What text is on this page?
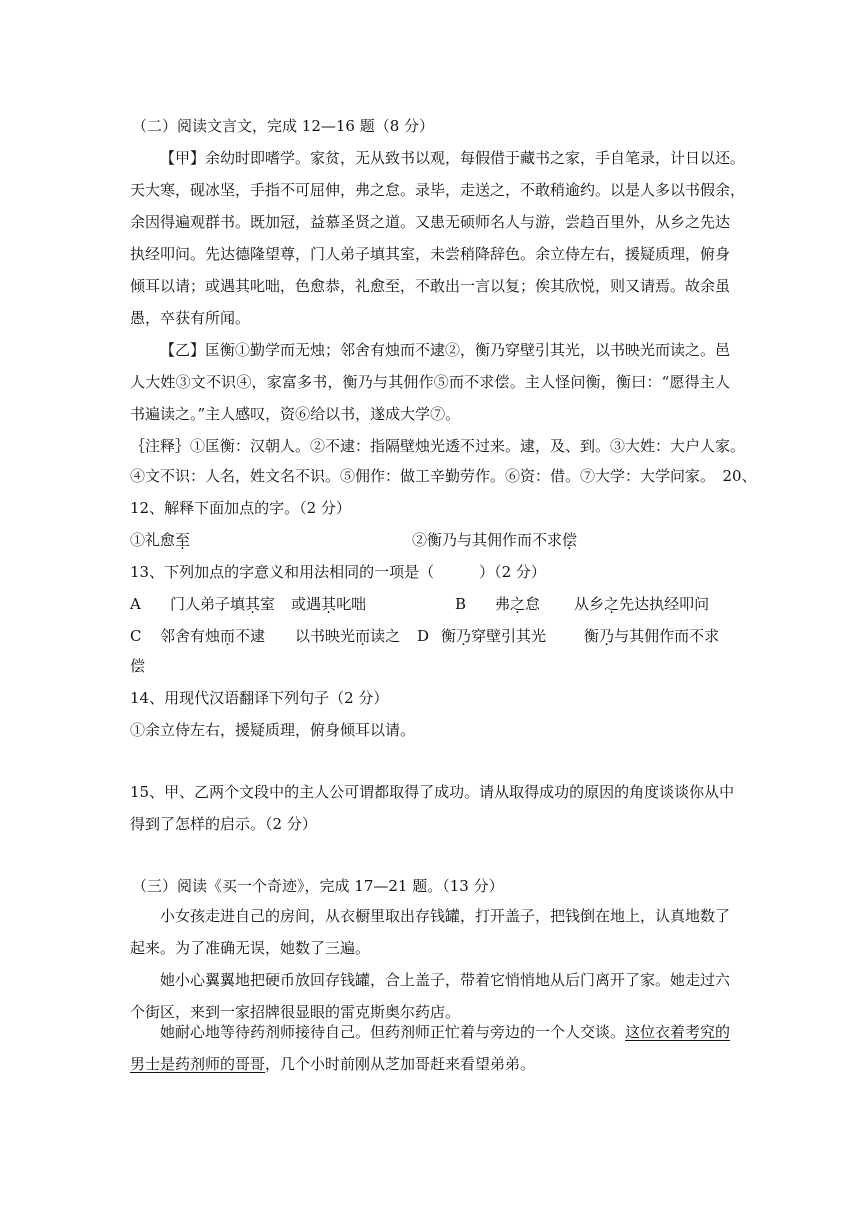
（二）阅读文言文，完成 12—16 题（8 分）
【甲】余幼时即嗜学。家贫，无从致书以观，每假借于藏书之家，手自笔录，计日以还。
天大寒，砚冰坚，手指不可屈伸，弗之怠。录毕，走送之，不敢稍逾约。以是人多以书假余，
余因得遍观群书。既加冠，益慕圣贤之道。又患无硕师名人与游，尝趋百里外，从乡之先达
执经叩问。先达德隆望尊，门人弟子填其室，未尝稍降辞色。余立侍左右，援疑质理，俯身
倾耳以请；或遇其叱咄，色愈恭，礼愈至，不敢出一言以复；俟其欣悦，则又请焉。故余虽
愚，卒获有所闻。
【乙】匡衡①勤学而无烛；邻舍有烛而不逮②，衡乃穿壁引其光，以书映光而读之。邑
人大姓③文不识④，家富多书，衡乃与其佣作⑤而不求偿。主人怪问衡，衡曰：“愿得主人
书遍读之。”主人感叹，资⑥给以书，遂成大学⑦。
｛注释｝①匡衡：汉朝人。②不逮：指隔壁烛光透不过来。逮，及、到。③大姓：大户人家。
④文不识：人名，姓文名不识。⑤佣作：做工辛勤劳作。⑥资：借。⑦大学：大学问家。　20、
12、解释下面加点的字。（2 分）
①礼愈至	②衡乃与其佣作而不求偿
13、下列加点的字意义和用法相同的一项是（　　　）（2 分）
A 门人弟子填其室 或遇其叱咄	B 弗之怠 从乡之先达执经叩问
C 邻舍有烛而不逮 以书映光而读之	D 衡乃穿壁引其光	衡乃与其佣作而不求
偿
14、用现代汉语翻译下列句子（2 分）
①余立侍左右，援疑质理，俯身倾耳以请。
15、甲、乙两个文段中的主人公可谓都取得了成功。请从取得成功的原因的角度谈谈你从中
得到了怎样的启示。（2 分）
（三）阅读《买一个奇迹》，完成 17—21 题。（13 分）
小女孩走进自己的房间，从衣橱里取出存钱罐，打开盖子，把钱倒在地上，认真地数了
起来。为了准确无误，她数了三遍。
她小心翼翼地把硬币放回存钱罐，合上盖子，带着它悄悄地从后门离开了家。她走过六
个街区，来到一家招牌很显眼的雷克斯奥尔药店。
她耐心地等待药剂师接待自己。但药剂师正忙着与旁边的一个人交谈。这位衣着考究的
男士是药剂师的哥哥，几个小时前刚从芝加哥赶来看望弟弟。
